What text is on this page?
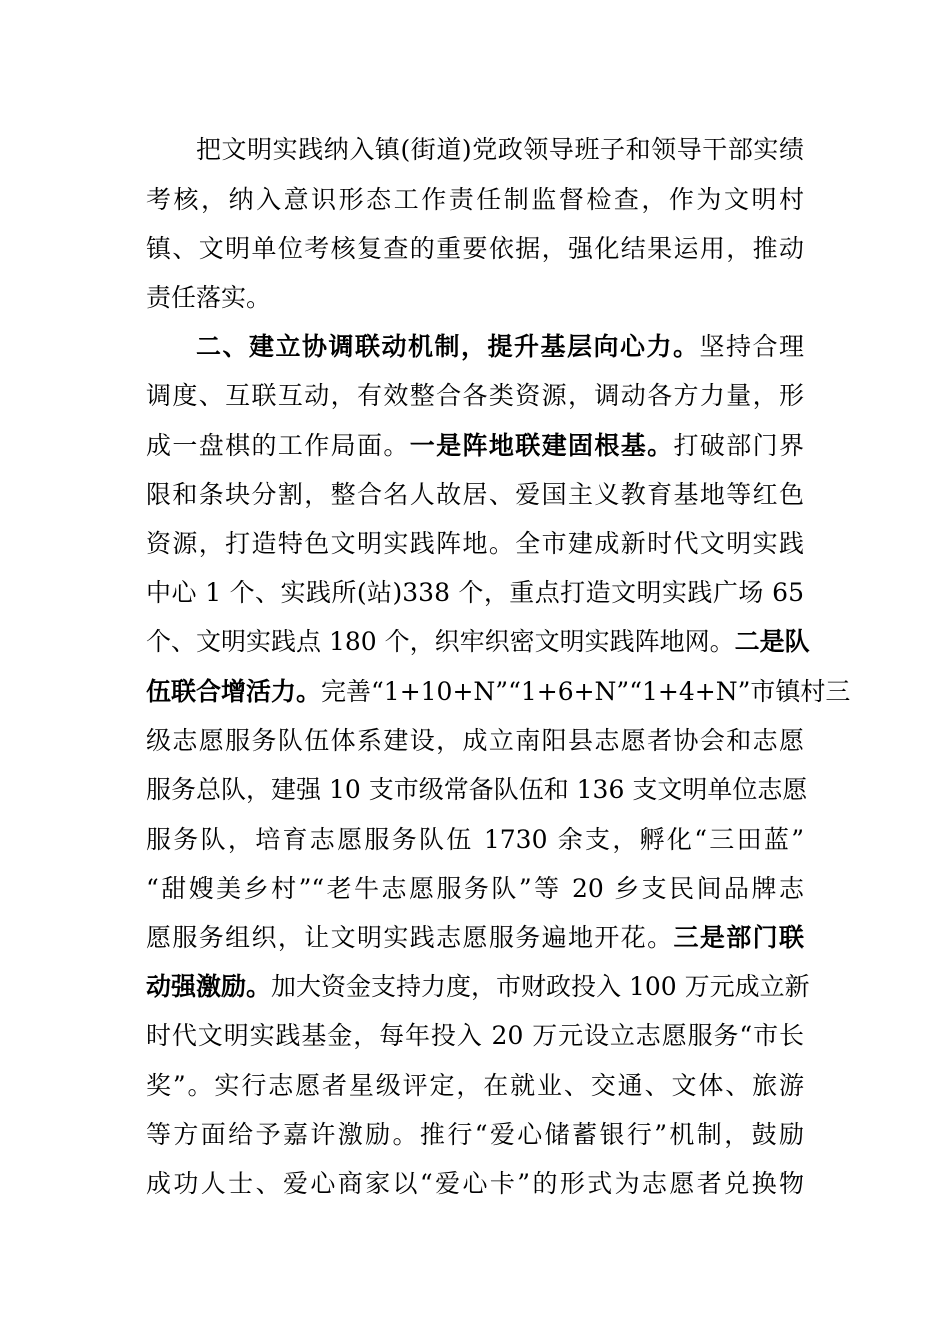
把文明实践纳入镇(街道)党政领导班子和领导干部实绩
考核，纳入意识形态工作责任制监督检查，作为文明村
镇、文明单位考核复查的重要依据，强化结果运用，推动
责任落实。
二、建立协调联动机制，提升基层向心力。坚持合理
调度、互联互动，有效整合各类资源，调动各方力量，形
成一盘棋的工作局面。一是阵地联建固根基。打破部门界
限和条块分割，整合名人故居、爱国主义教育基地等红色
资源，打造特色文明实践阵地。全市建成新时代文明实践
中心 1 个、实践所(站)338 个，重点打造文明实践广场 65
个、文明实践点 180 个，织牢织密文明实践阵地网。二是队
伍联合增活力。完善“1+10+N”“1+6+N”“1+4+N”市镇村三
级志愿服务队伍体系建设，成立南阳县志愿者协会和志愿
服务总队，建强 10 支市级常备队伍和 136 支文明单位志愿
服务队，培育志愿服务队伍 1730 余支，孵化“三田蓝”
“甜嫂美乡村”“老牛志愿服务队”等 20 乡支民间品牌志
愿服务组织，让文明实践志愿服务遍地开花。三是部门联
动强激励。加大资金支持力度，市财政投入 100 万元成立新
时代文明实践基金，每年投入 20 万元设立志愿服务“市长
奖”。实行志愿者星级评定，在就业、交通、文体、旅游
等方面给予嘉许激励。推行“爱心储蓄银行”机制，鼓励
成功人士、爱心商家以“爱心卡”的形式为志愿者兑换物
